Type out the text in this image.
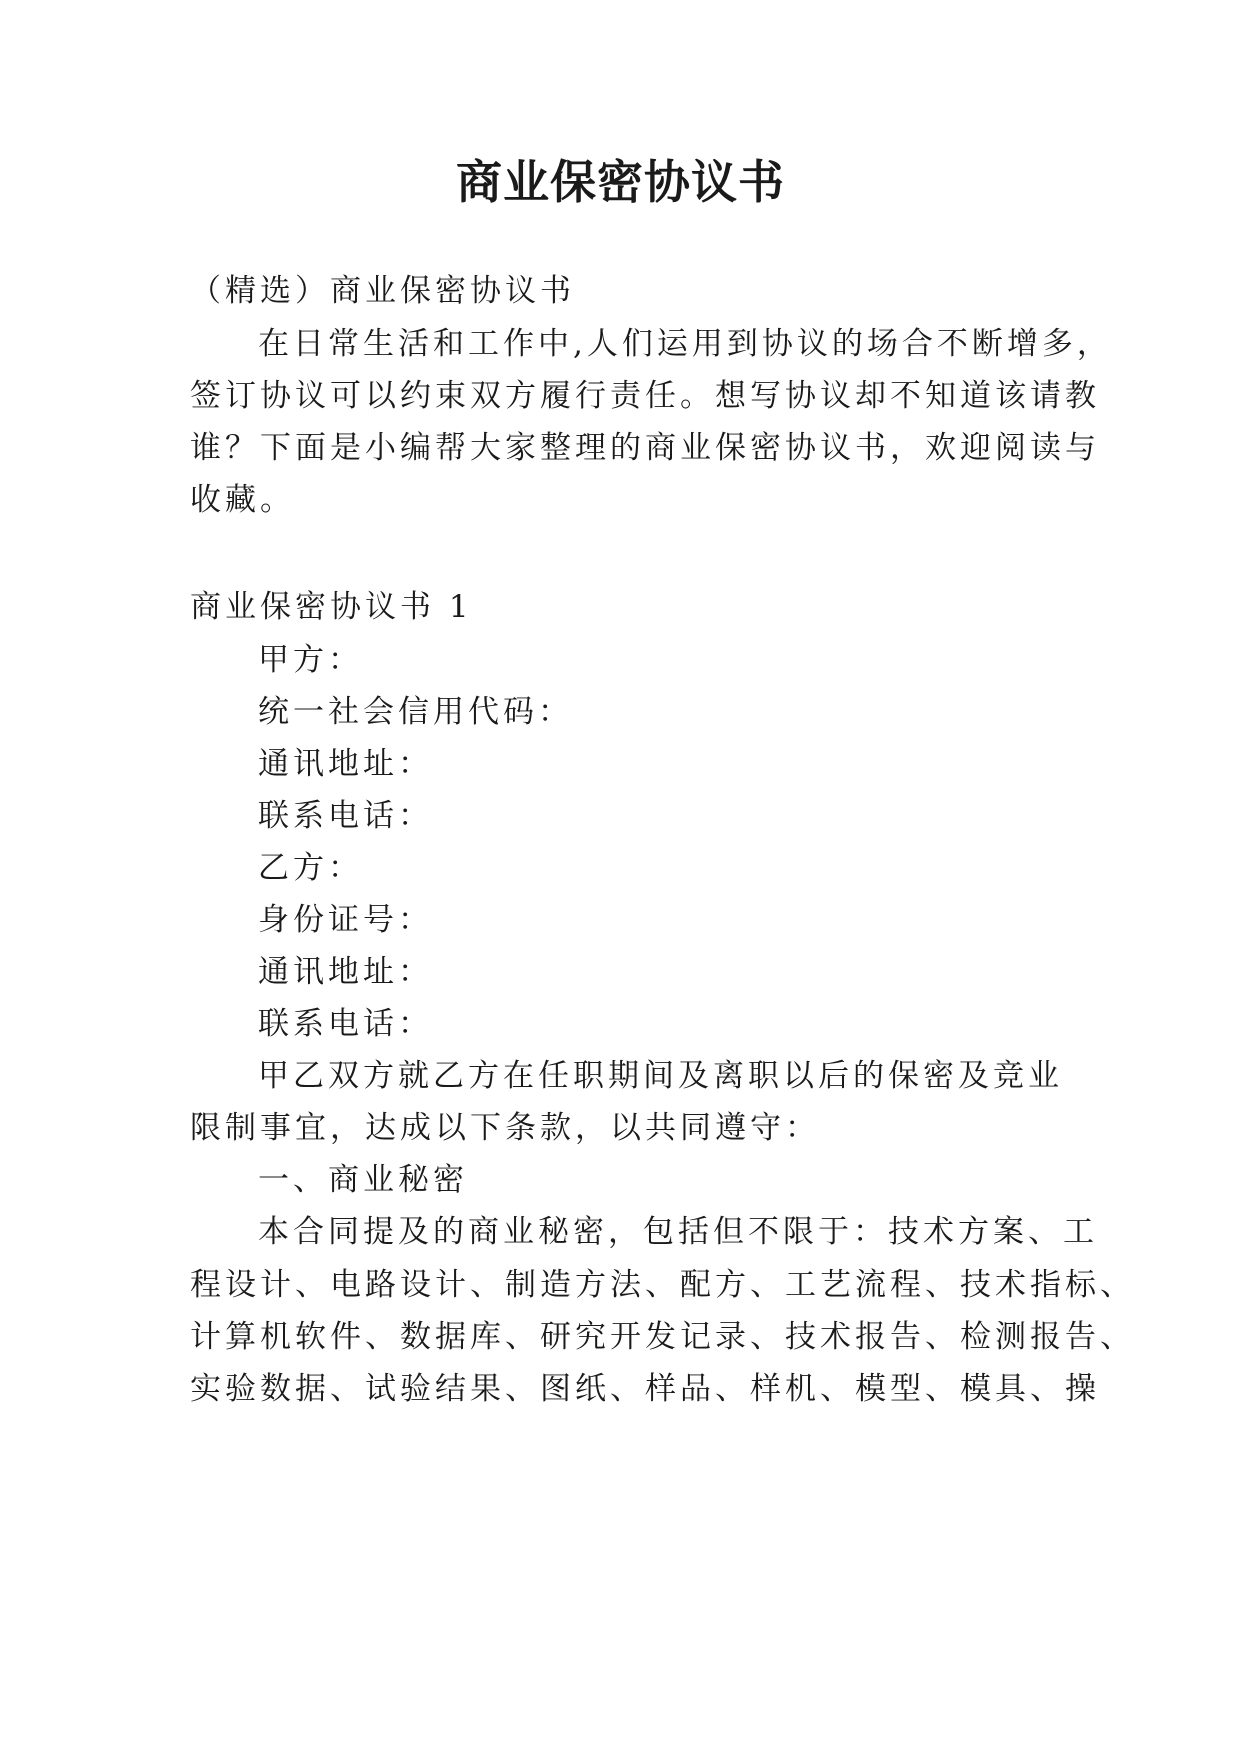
商业保密协议书

（精选）商业保密协议书

在日常生活和工作中,人们运用到协议的场合不断增多，

签订协议可以约束双方履行责任。想写协议却不知道该请教

谁？下面是小编帮大家整理的商业保密协议书，欢迎阅读与

收藏。

商业保密协议书 1

甲方：

统一社会信用代码：

通讯地址：

联系电话：

乙方：

身份证号：

通讯地址：

联系电话：

甲乙双方就乙方在任职期间及离职以后的保密及竞业

限制事宜，达成以下条款，以共同遵守：

一、商业秘密

本合同提及的商业秘密，包括但不限于：技术方案、工

程设计、电路设计、制造方法、配方、工艺流程、技术指标、

计算机软件、数据库、研究开发记录、技术报告、检测报告、

实验数据、试验结果、图纸、样品、样机、模型、模具、操
